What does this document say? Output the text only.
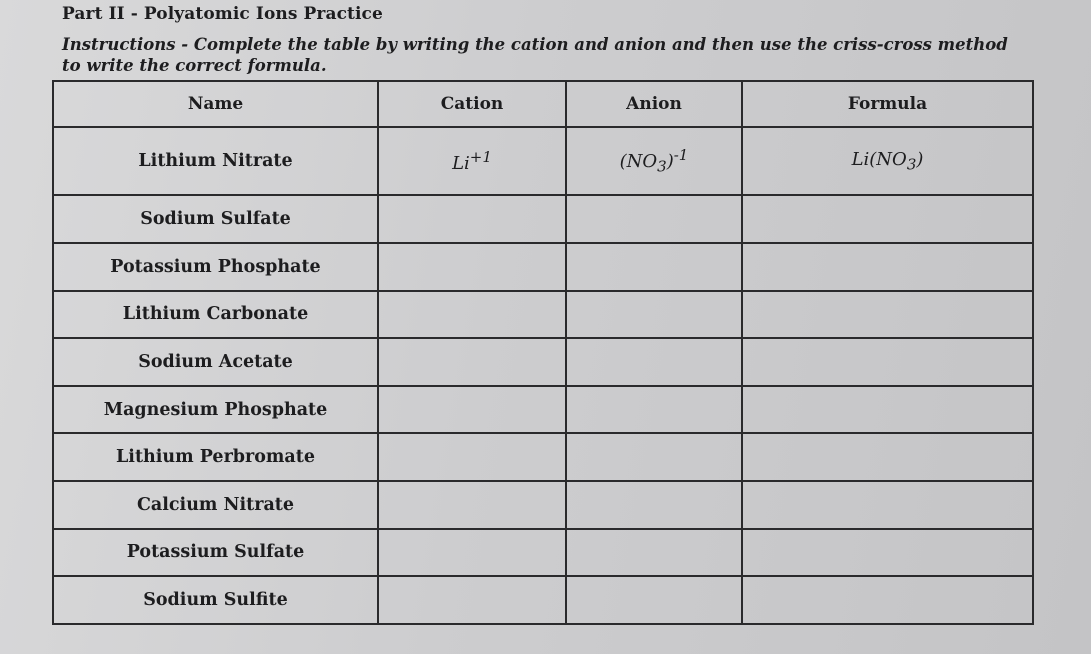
Part II - Polyatomic Ions Practice
Instructions - Complete the table by writing the cation and anion and then use the criss-cross method to write the correct formula.
Name	Cation	Anion	Formula
Lithium Nitrate	$Li^{+1}$	$(NO_3)^{-1}$	$Li(NO_3)$
Sodium Sulfate			
Potassium Phosphate			
Lithium Carbonate			
Sodium Acetate			
Magnesium Phosphate			
Lithium Perbromate			
Calcium Nitrate			
Potassium Sulfate			
Sodium Sulfite			
